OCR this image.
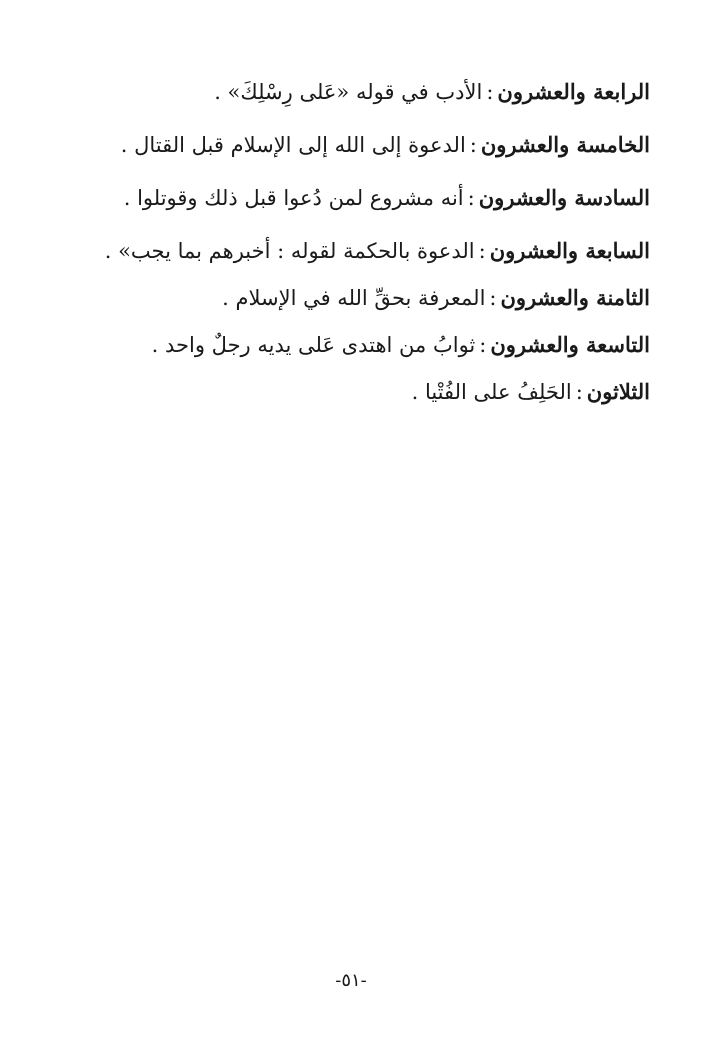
الرابعة والعشرون:الأدب في قوله «عَلى رِسْلِكَ» .
الخامسة والعشرون:الدعوة إلى الله إلى الإسلام قبل القتال .
السادسة والعشرون:أنه مشروع لمن دُعوا قبل ذلك وقوتلوا .
السابعة والعشرون:الدعوة بالحكمة لقوله : أخبرهم بما يجب» .
الثامنة والعشرون:المعرفة بحقِّ الله في الإسلام .
التاسعة والعشرون:ثوابُ من اهتدى عَلى يديه رجلٌ واحد .
الثلاثون:الحَلِفُ على الفُتْيا .
-٥١-
